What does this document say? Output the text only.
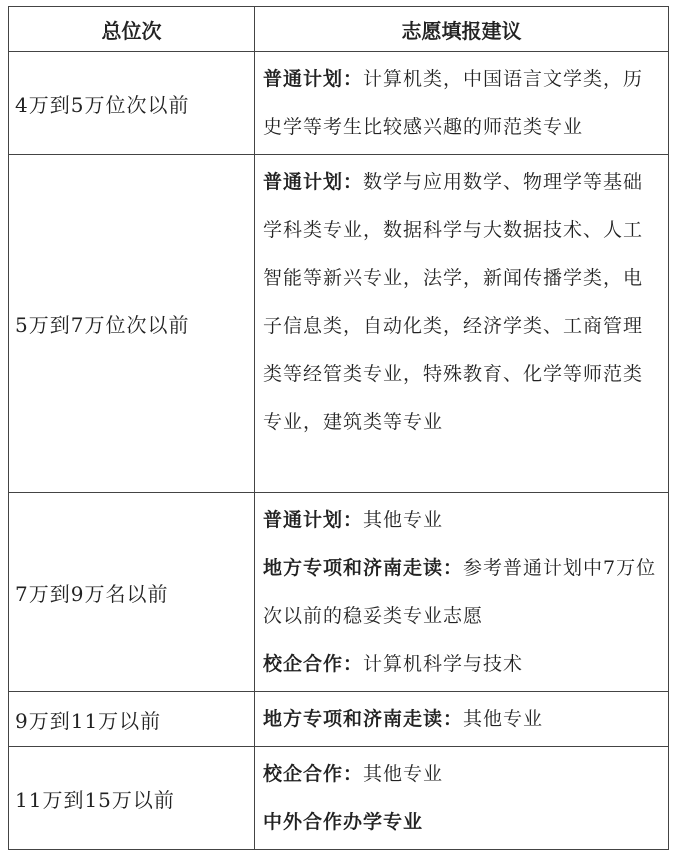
总位次	志愿填报建议
4万到5万位次以前	普通计划：计算机类，中国语言文学类，历史学等考生比较感兴趣的师范类专业

5万到7万位次以前	普通计划：数学与应用数学、物理学等基础学科类专业，数据科学与大数据技术、人工智能等新兴专业，法学，新闻传播学类，电子信息类，自动化类，经济学类、工商管理类等经管类专业，特殊教育、化学等师范类专业，建筑类等专业

7万到9万名以前	普通计划：其他专业
地方专项和济南走读：参考普通计划中7万位次以前的稳妥类专业志愿
校企合作：计算机科学与技术

9万到11万以前	地方专项和济南走读：其他专业

11万到15万以前	校企合作：其他专业
中外合作办学专业
